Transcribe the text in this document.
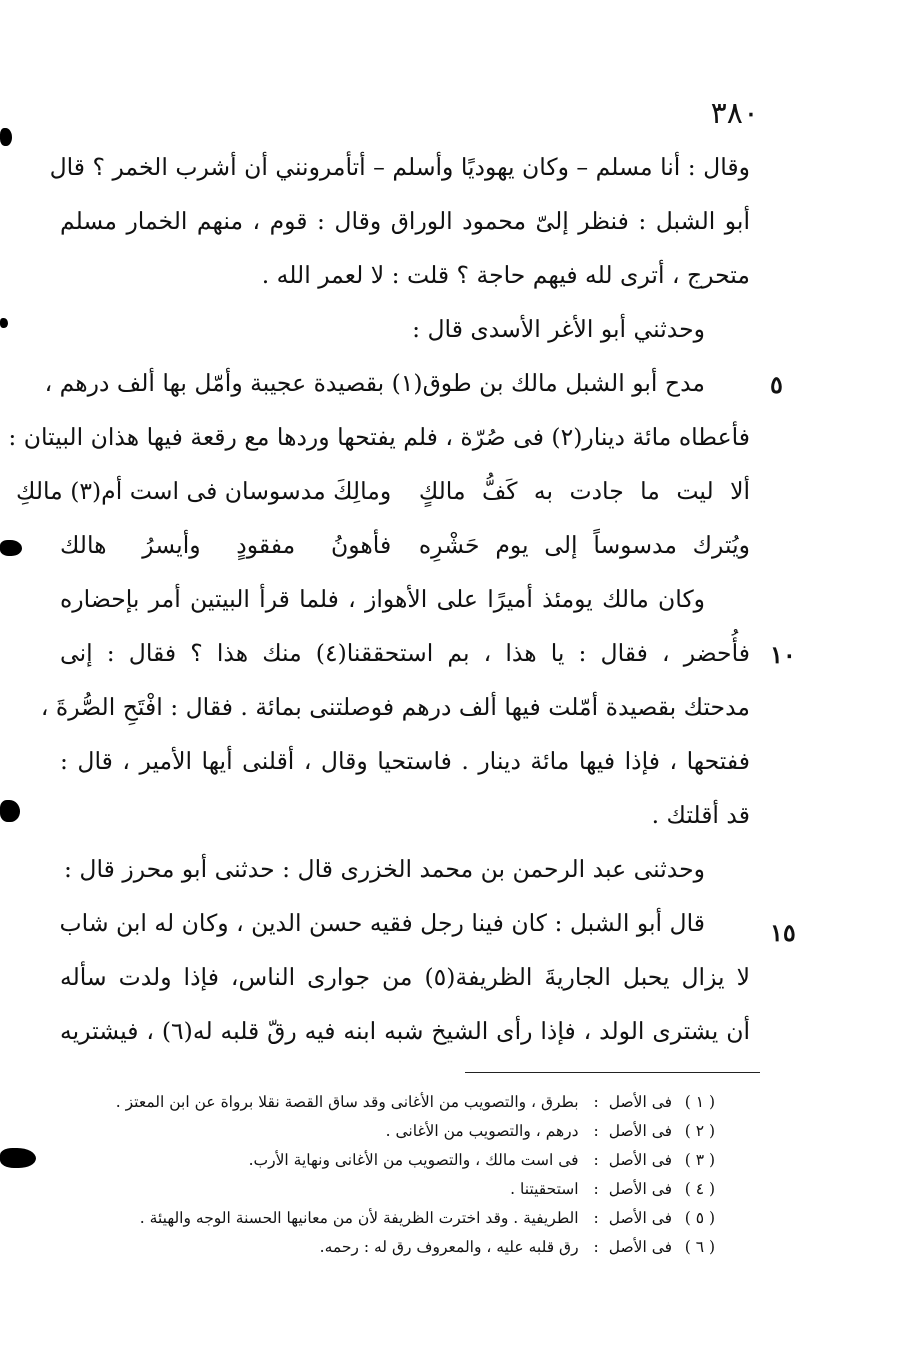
٣٨٠
٥
١٠
١٥
وقال : أنا مسلم – وكان يهوديًا وأسلم – أتأمرونني أن أشرب الخمر ؟ قال
أبو الشبل : فنظر إلىّ محمود الوراق وقال : قوم ، منهم الخمار مسلم
متحرج ، أترى لله فيهم حاجة ؟ قلت : لا لعمر الله .
وحدثني أبو الأغر الأسدى قال :
مدح أبو الشبل مالك بن طوق(١) بقصيدة عجيبة وأمّل بها ألف درهم ،
فأعطاه مائة دينار(٢) فى صُرّة ، فلم يفتحها وردها مع رقعة فيها هذان البيتان :
ألا ليت ما جادت به كَفُّ مالكٍ
ومالِكَ مدسوسان فى است أم(٣) مالكِ
ويُترك مدسوساً إلى يوم حَشْرِه
فأهونُ مفقودٍ وأيسرُ هالك
وكان مالك يومئذ أميرًا على الأهواز ، فلما قرأ البيتين أمر بإحضاره
فأُحضر ، فقال : يا هذا ، بم استحققنا(٤) منك هذا ؟ فقال : إنى
مدحتك بقصيدة أمّلت فيها ألف درهم فوصلتنى بمائة . فقال : افْتَحِ الصُّرةَ ،
ففتحها ، فإذا فيها مائة دينار . فاستحيا وقال ، أقلنى أيها الأمير ، قال :
قد أقلتك .
وحدثنى عبد الرحمن بن محمد الخزرى قال : حدثنى أبو محرز قال :
قال أبو الشبل : كان فينا رجل فقيه حسن الدين ، وكان له ابن شاب
لا يزال يحبل الجاريةَ الظريفة(٥) من جوارى الناس، فإذا ولدت سأله
أن يشترى الولد ، فإذا رأى الشيخ شبه ابنه فيه رقّ قلبه له(٦) ، فيشتريه
( ١ ) فى الأصل: بطرق ، والتصويب من الأغانى وقد ساق القصة نقلا برواة عن ابن المعتز .
( ٢ ) فى الأصل: درهم ، والتصويب من الأغانى .
( ٣ ) فى الأصل: فى است مالك ، والتصويب من الأغانى ونهاية الأرب.
( ٤ ) فى الأصل: استحقيتنا .
( ٥ ) فى الأصل: الطريفية . وقد اخترت الظريفة لأن من معانيها الحسنة الوجه والهيئة .
( ٦ ) فى الأصل: رق قلبه عليه ، والمعروف رق له : رحمه.
